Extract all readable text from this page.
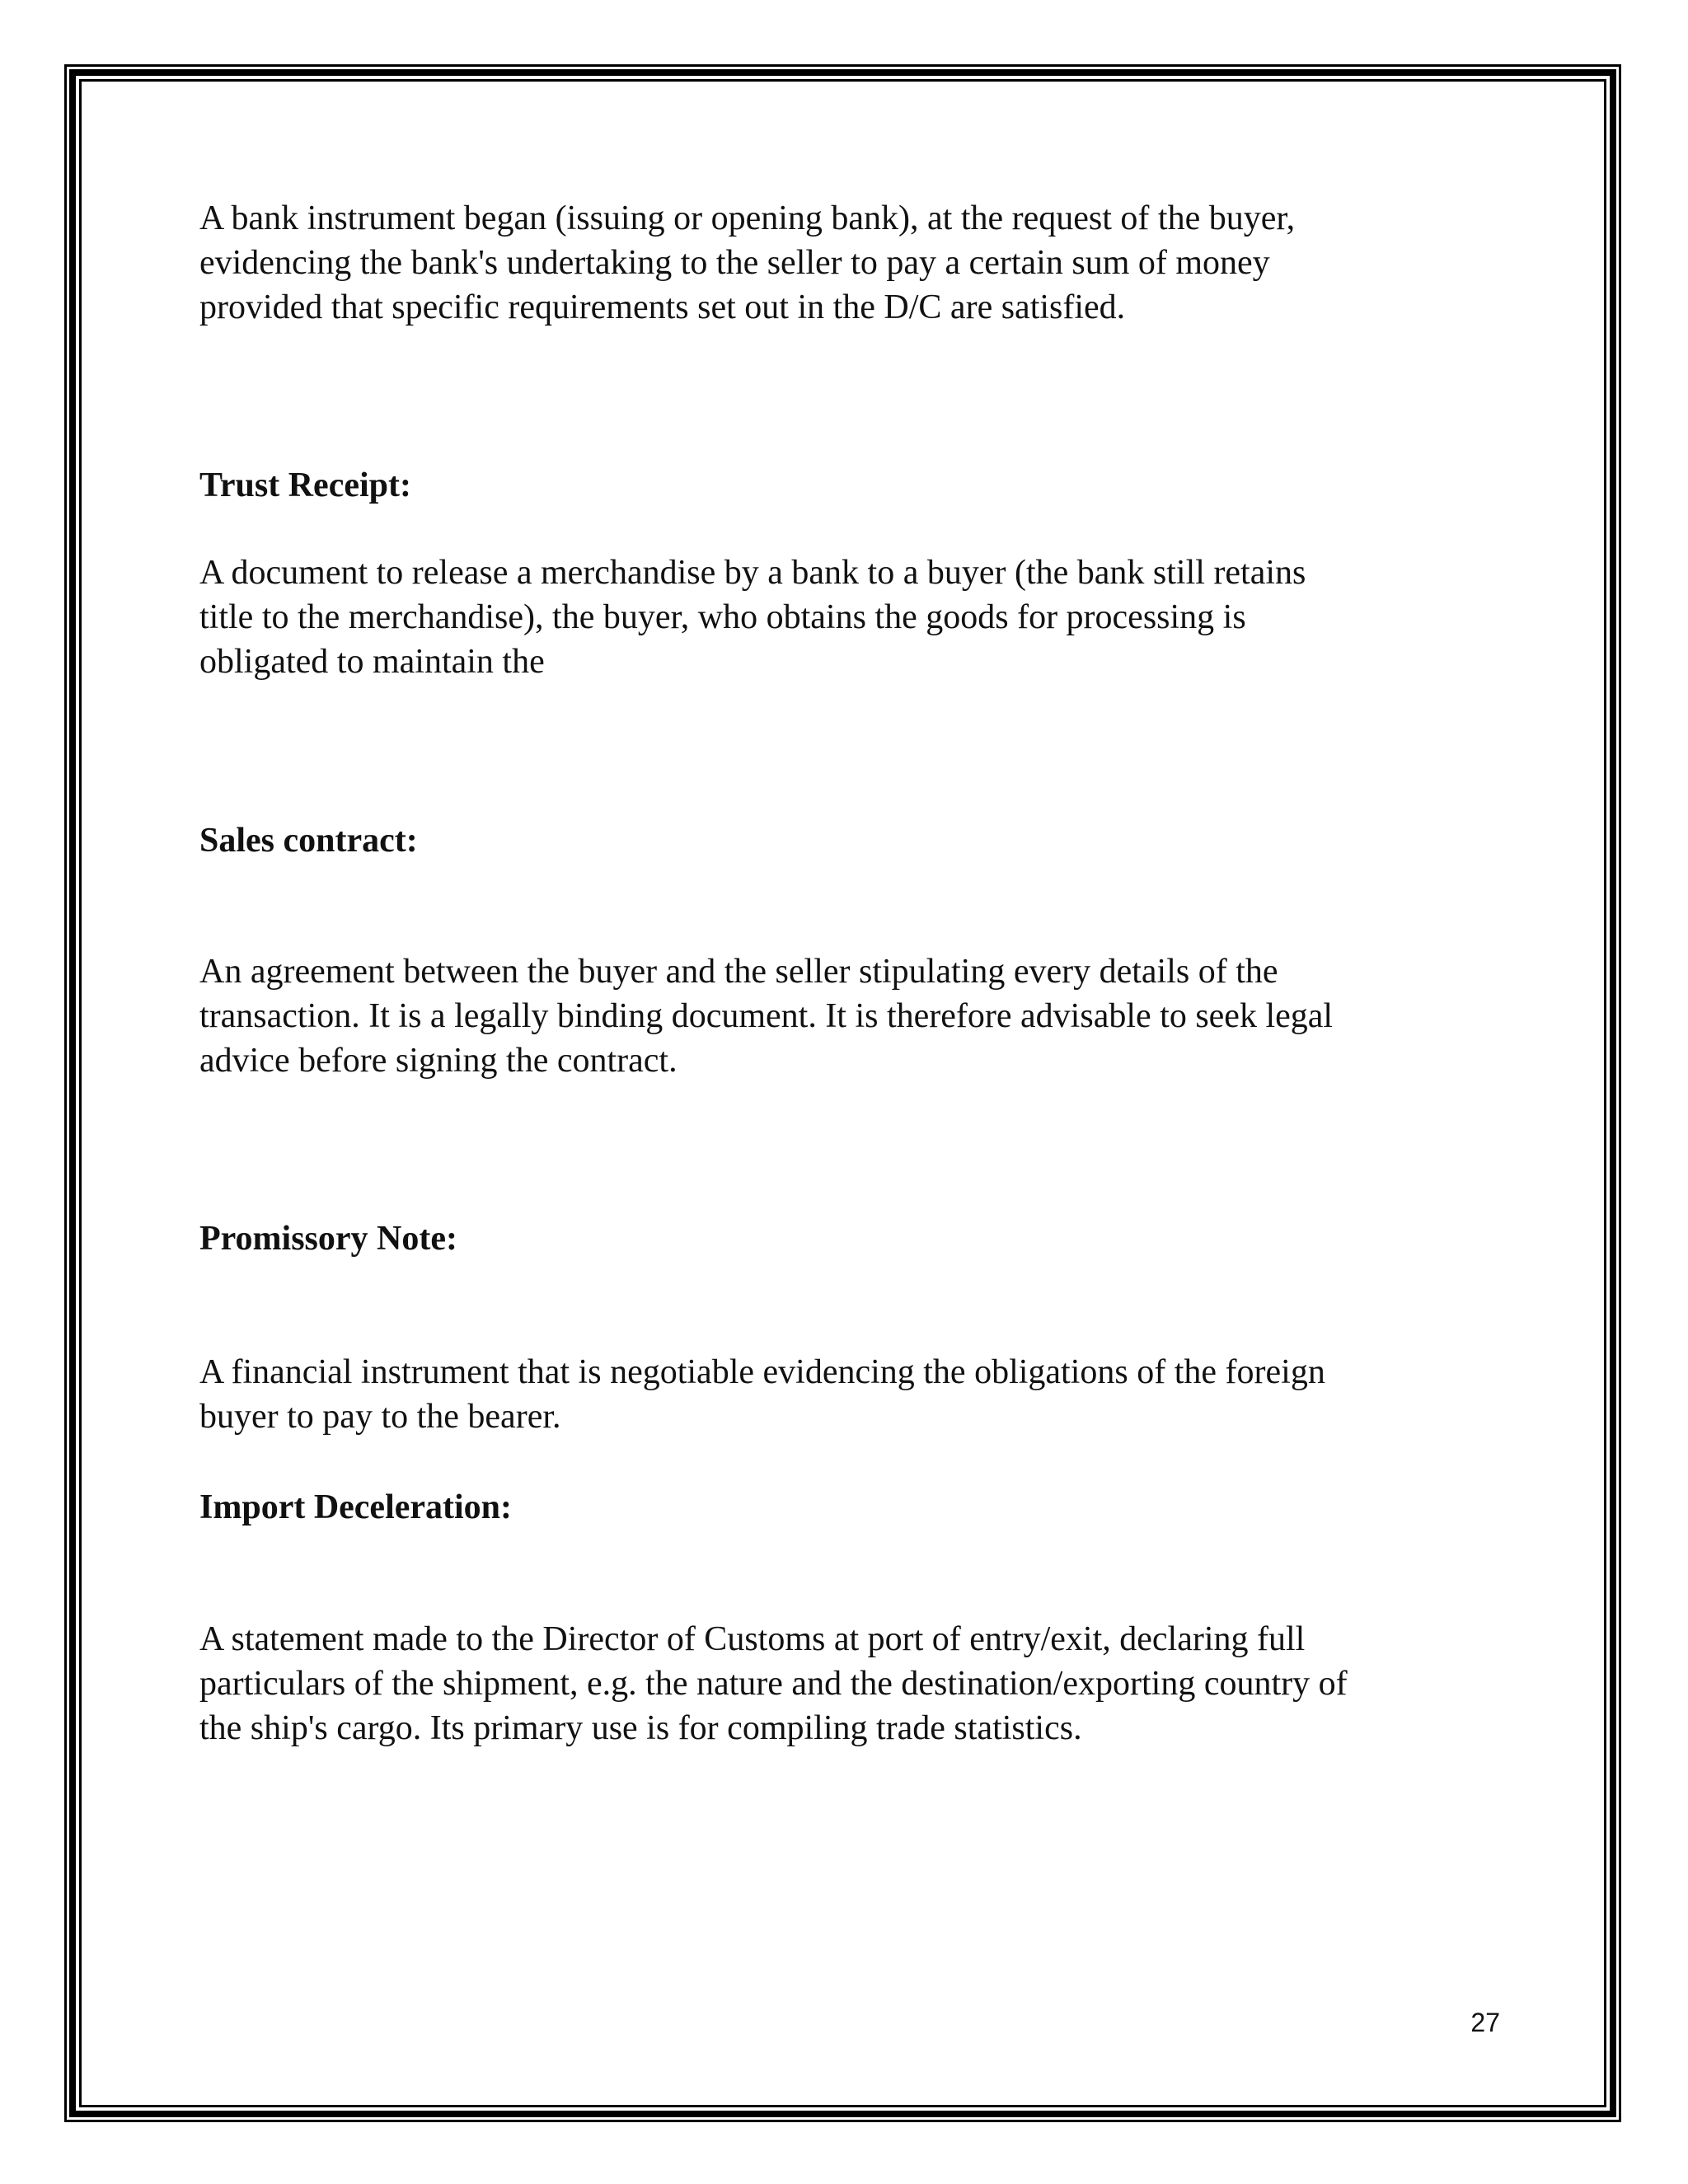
A bank instrument began (issuing or opening bank), at the request of the buyer,
evidencing the bank's undertaking to the seller to pay a certain sum of money
provided that specific requirements set out in the D/C are satisfied.

Trust Receipt:

A document to release a merchandise by a bank to a buyer (the bank still retains
title to the merchandise), the buyer, who obtains the goods for processing is
obligated to maintain the

Sales contract:

An agreement between the buyer and the seller stipulating every details of the
transaction. It is a legally binding document. It is therefore advisable to seek legal
advice before signing the contract.

Promissory Note:

A financial instrument that is negotiable evidencing the obligations of the foreign
buyer to pay to the bearer.

Import Deceleration:

A statement made to the Director of Customs at port of entry/exit, declaring full
particulars of the shipment, e.g. the nature and the destination/exporting country of
the ship's cargo. Its primary use is for compiling trade statistics.

27
